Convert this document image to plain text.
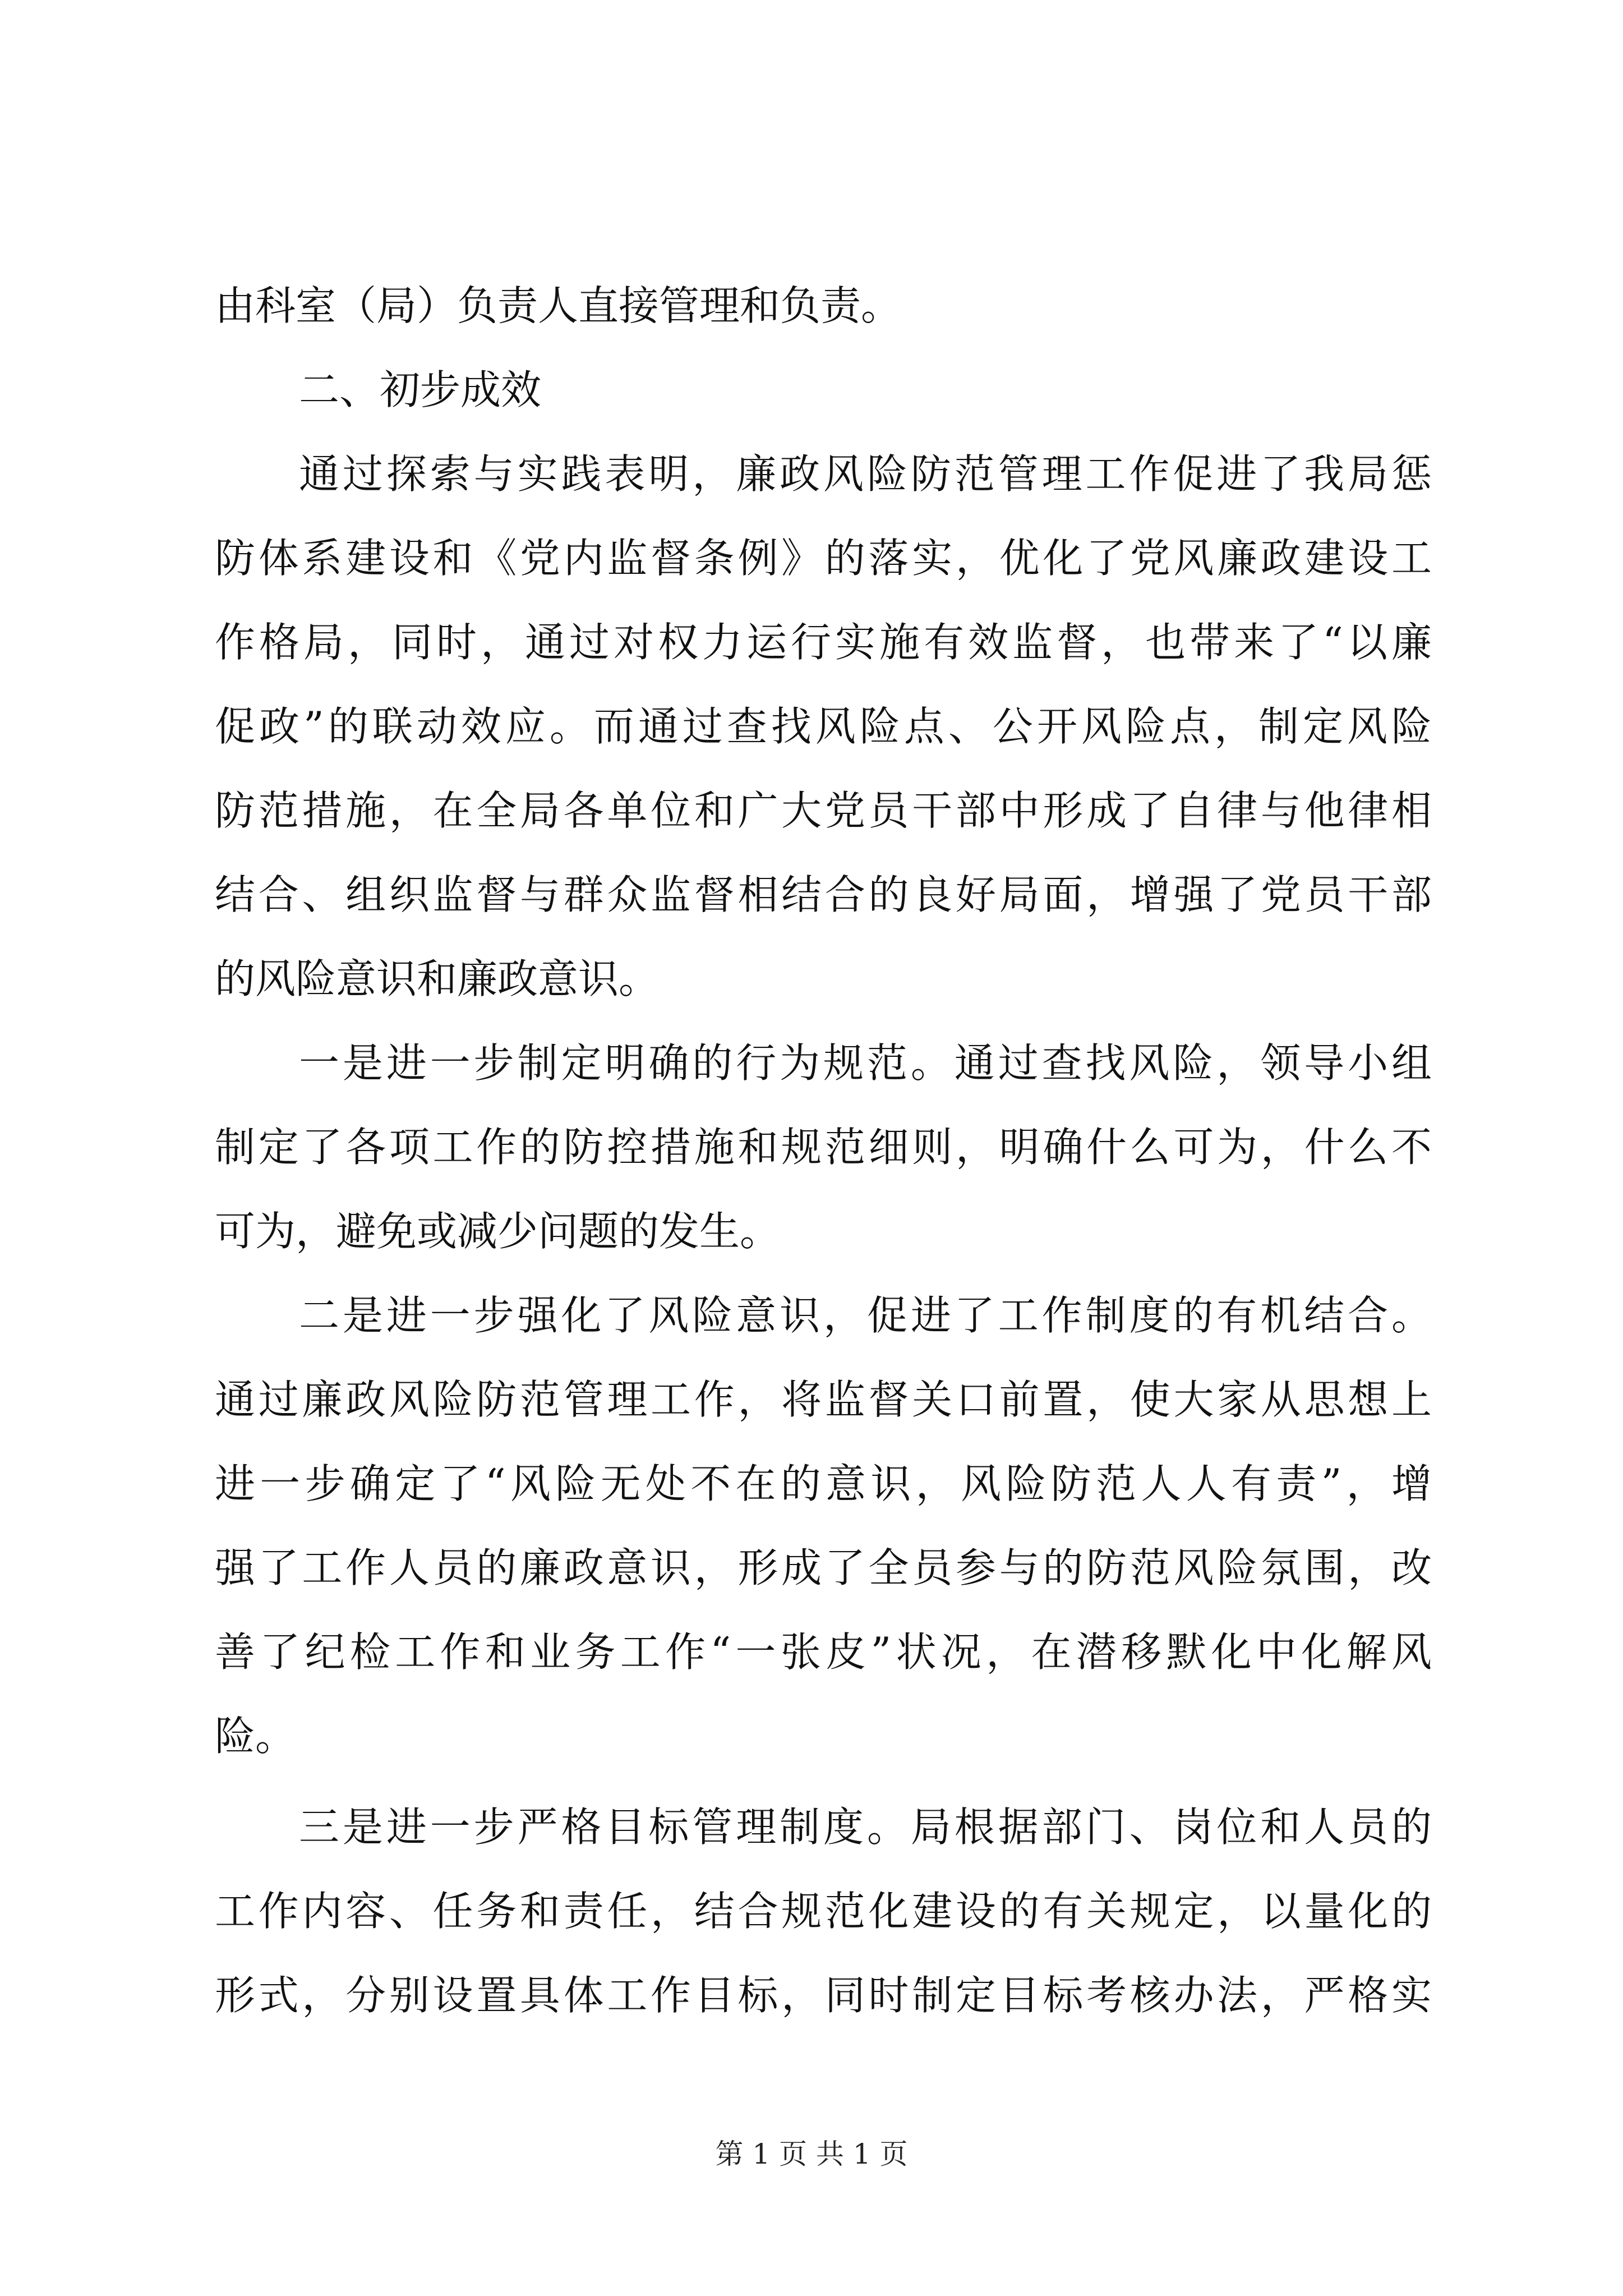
由科室（局）负责人直接管理和负责。
二、初步成效
通过探索与实践表明，廉政风险防范管理工作促进了我局惩
防体系建设和《党内监督条例》的落实，优化了党风廉政建设工
作格局，同时，通过对权力运行实施有效监督，也带来了“以廉
促政”的联动效应。而通过查找风险点、公开风险点，制定风险
防范措施，在全局各单位和广大党员干部中形成了自律与他律相
结合、组织监督与群众监督相结合的良好局面，增强了党员干部
的风险意识和廉政意识。
一是进一步制定明确的行为规范。通过查找风险，领导小组
制定了各项工作的防控措施和规范细则，明确什么可为，什么不
可为，避免或减少问题的发生。
二是进一步强化了风险意识，促进了工作制度的有机结合。
通过廉政风险防范管理工作，将监督关口前置，使大家从思想上
进一步确定了“风险无处不在的意识，风险防范人人有责”，增
强了工作人员的廉政意识，形成了全员参与的防范风险氛围，改
善了纪检工作和业务工作“一张皮”状况，在潜移默化中化解风
险。
三是进一步严格目标管理制度。局根据部门、岗位和人员的
工作内容、任务和责任，结合规范化建设的有关规定，以量化的
形式，分别设置具体工作目标，同时制定目标考核办法，严格实
第 1 页 共 1 页
